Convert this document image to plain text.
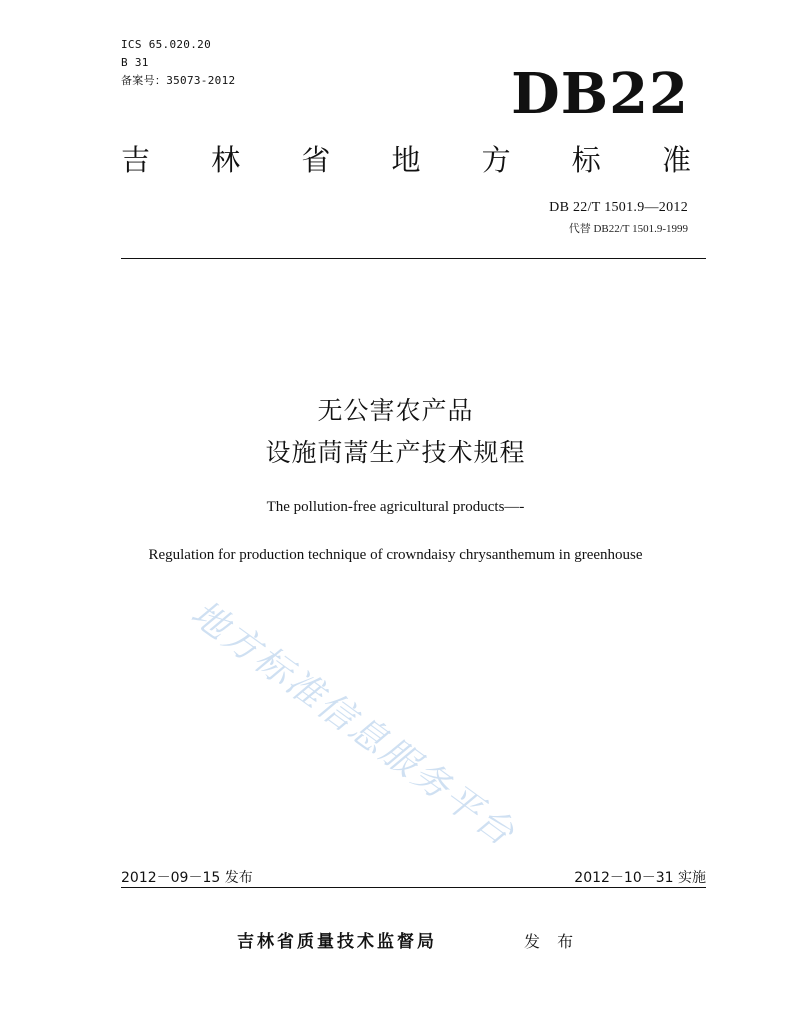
ICS 65.020.20
B 31
备案号：35073-2012	DB22
吉 林 省 地 方 标 准
DB 22/T 1501.9—2012
代替 DB22/T 1501.9-1999
无公害农产品
设施茼蒿生产技术规程
The pollution-free agricultural products—-
Regulation for production technique of crowndaisy chrysanthemum in greenhouse
地方标准信息服务平台
2012－09－15 发布	2012－10－31 实施
吉林省质量技术监督局	发 布
